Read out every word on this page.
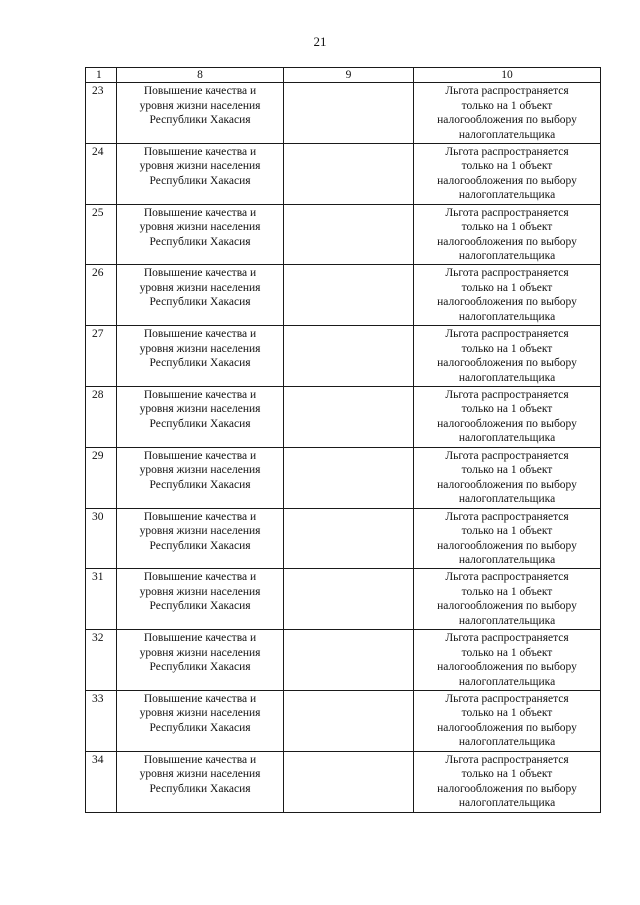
21
1	8	9	10
23	Повышение качества и
уровня жизни населения
Республики Хакасия		Льгота распространяется
только на 1 объект
налогообложения по выбору
налогоплательщика

24	Повышение качества и
уровня жизни населения
Республики Хакасия		Льгота распространяется
только на 1 объект
налогообложения по выбору
налогоплательщика

25	Повышение качества и
уровня жизни населения
Республики Хакасия		Льгота распространяется
только на 1 объект
налогообложения по выбору
налогоплательщика

26	Повышение качества и
уровня жизни населения
Республики Хакасия		Льгота распространяется
только на 1 объект
налогообложения по выбору
налогоплательщика

27	Повышение качества и
уровня жизни населения
Республики Хакасия		Льгота распространяется
только на 1 объект
налогообложения по выбору
налогоплательщика

28	Повышение качества и
уровня жизни населения
Республики Хакасия		Льгота распространяется
только на 1 объект
налогообложения по выбору
налогоплательщика

29	Повышение качества и
уровня жизни населения
Республики Хакасия		Льгота распространяется
только на 1 объект
налогообложения по выбору
налогоплательщика

30	Повышение качества и
уровня жизни населения
Республики Хакасия		Льгота распространяется
только на 1 объект
налогообложения по выбору
налогоплательщика

31	Повышение качества и
уровня жизни населения
Республики Хакасия		Льгота распространяется
только на 1 объект
налогообложения по выбору
налогоплательщика

32	Повышение качества и
уровня жизни населения
Республики Хакасия		Льгота распространяется
только на 1 объект
налогообложения по выбору
налогоплательщика

33	Повышение качества и
уровня жизни населения
Республики Хакасия		Льгота распространяется
только на 1 объект
налогообложения по выбору
налогоплательщика

34	Повышение качества и
уровня жизни населения
Республики Хакасия		Льгота распространяется
только на 1 объект
налогообложения по выбору
налогоплательщика
